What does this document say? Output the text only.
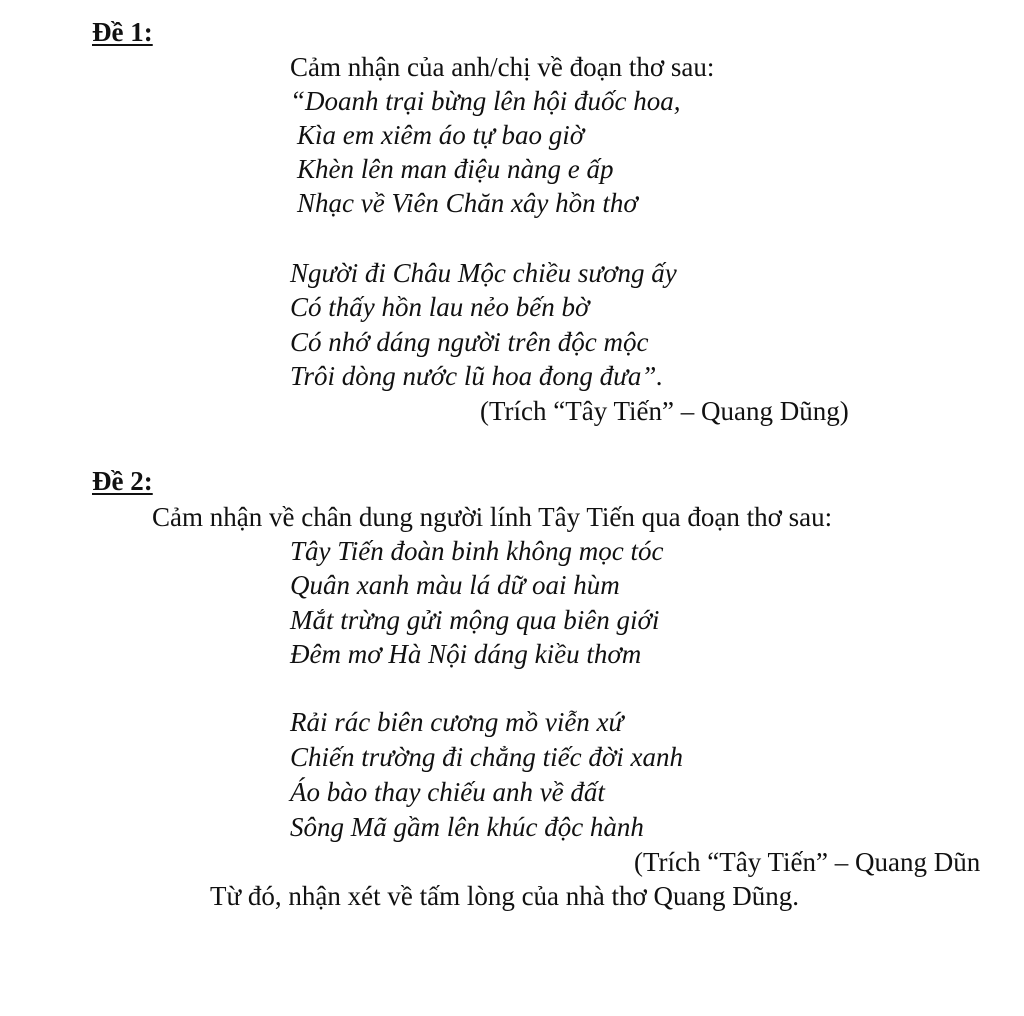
Đề 1:
Cảm nhận của anh/chị về đoạn thơ sau:
“Doanh trại bừng lên hội đuốc hoa,
Kìa em xiêm áo tự bao giờ
Khèn lên man điệu nàng e ấp
Nhạc về Viên Chăn xây hồn thơ
Người đi Châu Mộc chiều sương ấy
Có thấy hồn lau nẻo bến bờ
Có nhớ dáng người trên độc mộc
Trôi dòng nước lũ hoa đong đưa”.
(Trích “Tây Tiến” – Quang Dũng)
Đề 2:
Cảm nhận về chân dung người lính Tây Tiến qua đoạn thơ sau:
Tây Tiến đoàn binh không mọc tóc
Quân xanh màu lá dữ oai hùm
Mắt trừng gửi mộng qua biên giới
Đêm mơ Hà Nội dáng kiều thơm
Rải rác biên cương mồ viễn xứ
Chiến trường đi chẳng tiếc đời xanh
Áo bào thay chiếu anh về đất
Sông Mã gầm lên khúc độc hành
(Trích “Tây Tiến” – Quang Dũn
Từ đó, nhận xét về tấm lòng của nhà thơ Quang Dũng.
